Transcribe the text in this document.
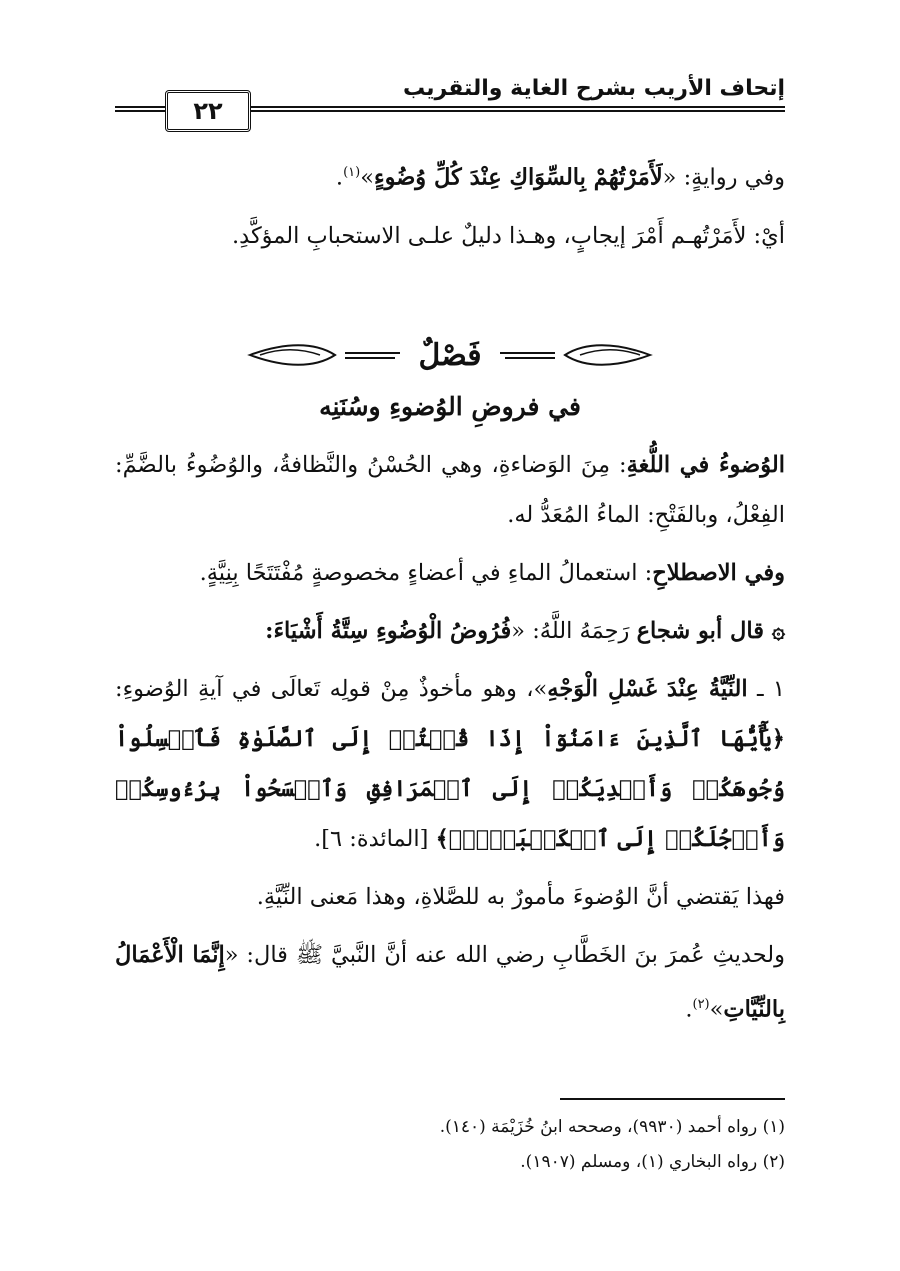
إتحاف الأريب بشرح الغاية والتقريب
٢٢

وفي روايةٍ: «لَأَمَرْتُهُمْ بِالسِّوَاكِ عِنْدَ كُلِّ وُضُوءٍ»$^{(١)}$.

أيْ: لأَمَرْتُهـم أَمْرَ إيجابٍ، وهـذا دليلٌ علـى الاستحبابِ المؤكَّدِ.

فَصْلٌ
في فروضِ الوُضوءِ وسُنَنِه

الوُضوءُ في اللُّغةِ: مِنَ الوَضاءةِ، وهي الحُسْنُ والنَّظافةُ، والوُضُوءُ بالضَّمِّ: الفِعْلُ، وبالفَتْحِ: الماءُ المُعَدُّ له.

وفي الاصطلاحِ: استعمالُ الماءِ في أعضاءٍ مخصوصةٍ مُفْتَتَحًا بِنِيَّةٍ.

۞ قال أبو شجاع رَحِمَهُ اللَّهُ: «فُرُوضُ الْوُضُوءِ سِتَّةُ أَشْيَاءَ:

١ ـ النِّيَّةُ عِنْدَ غَسْلِ الْوَجْهِ»، وهو مأخوذٌ مِنْ قولِه تَعالَى في آيةِ الوُضوءِ: ﴿يَٰٓأَيُّهَا ٱلَّذِينَ ءَامَنُوٓاْ إِذَا قُمۡتُمۡ إِلَى ٱلصَّلَوٰةِ فَٱغۡسِلُواْ وُجُوهَكُمۡ وَأَيۡدِيَكُمۡ إِلَى ٱلۡمَرَافِقِ وَٱمۡسَحُواْ بِرُءُوسِكُمۡ وَأَرۡجُلَكُمۡ إِلَى ٱلۡكَعۡبَيۡنِۚ﴾ [المائدة: ٦].

فهذا يَقتضي أنَّ الوُضوءَ مأمورٌ به للصَّلاةِ، وهذا مَعنى النِّيَّةِ.

ولحديثِ عُمرَ بنَ الخَطَّابِ رضي الله عنه أنَّ النَّبيَّ ﷺ قال: «إِنَّمَا الْأَعْمَالُ بِالنِّيَّاتِ»$^{(٢)}$.

(١) رواه أحمد (٩٩٣٠)، وصححه ابنُ خُزَيْمَة (١٤٠).

(٢) رواه البخاري (١)، ومسلم (١٩٠٧).
